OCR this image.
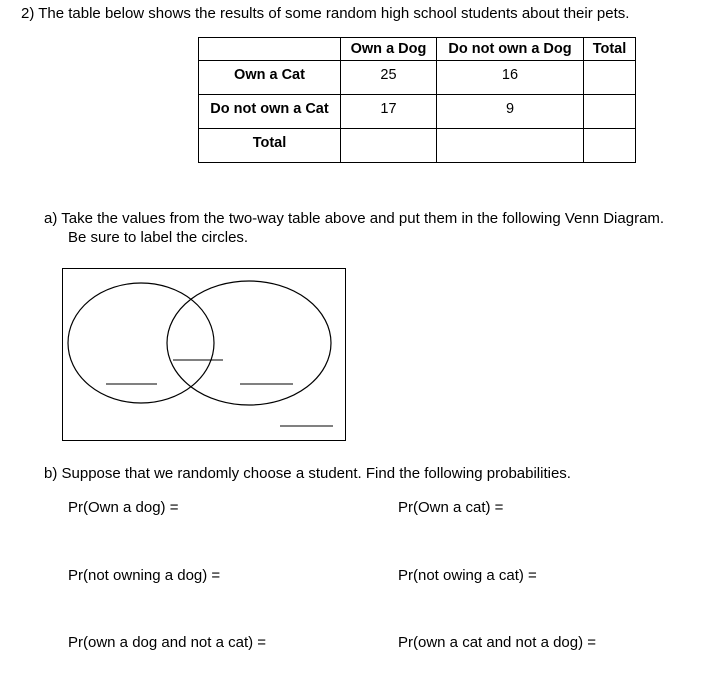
2) The table below shows the results of some random high school students about their pets.
	Own a Dog	Do not own a Dog	Total
Own a Cat	25	16	
Do not own a Cat	17	9	
Total			
a) Take the values from the two-way table above and put them in the following Venn Diagram.
Be sure to label the circles.
b) Suppose that we randomly choose a student. Find the following probabilities.
Pr(Own a dog) =	Pr(Own a cat) =
Pr(not owning a dog) =	Pr(not owing a cat) =
Pr(own a dog and not a cat) =	Pr(own a cat and not a dog) =
